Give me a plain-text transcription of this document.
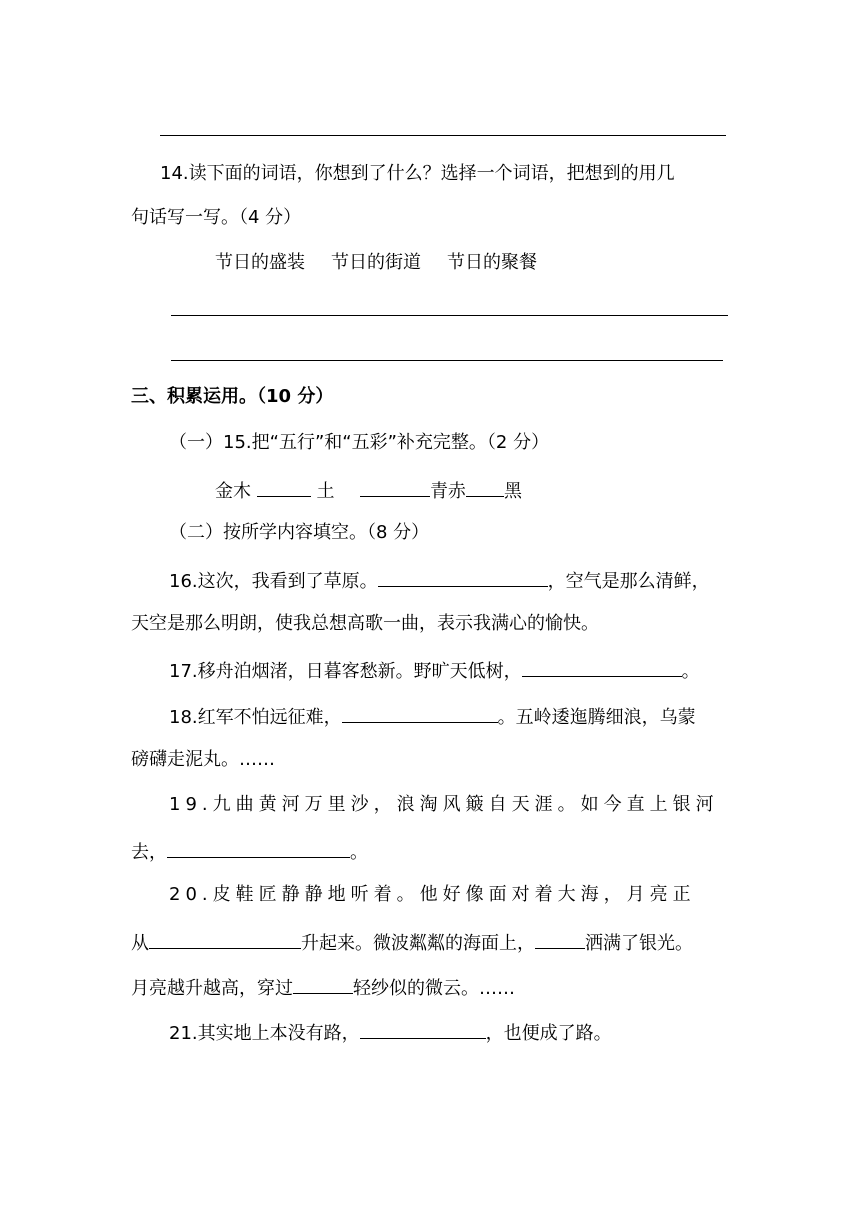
14.读下面的词语，你想到了什么？选择一个词语，把想到的用几
句话写一写。（4 分）
节日的盛装 节日的街道 节日的聚餐
三、积累运用。（10 分）
（一）15.把“五行”和“五彩”补充完整。（2 分）
金木	土	青赤 黑
（二）按所学内容填空。（8 分）
16.这次，我看到了草原。	，空气是那么清鲜，
天空是那么明朗，使我总想高歌一曲，表示我满心的愉快。
17.移舟泊烟渚，日暮客愁新。野旷天低树，	。
18.红军不怕远征难，	。五岭逶迤腾细浪，乌蒙
磅礴走泥丸。……
19.九曲黄河万里沙，浪淘风簸自天涯。如今直上银河
去，	。
20.皮鞋匠静静地听着。他好像面对着大海，月亮正
从	升起来。微波粼粼的海面上，	洒满了银光。
月亮越升越高，穿过	轻纱似的微云。……
21.其实地上本没有路，	，也便成了路。
